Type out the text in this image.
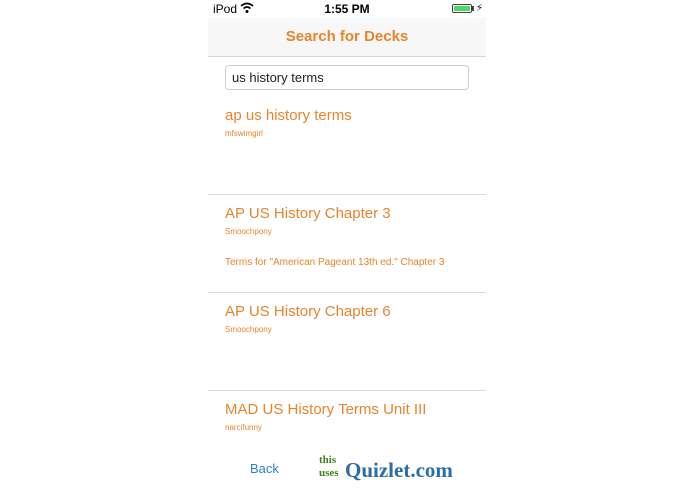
iPod	1:55 PM	⚡
Search for Decks
us history terms
ap us history terms
mfswimgirl
AP US History Chapter 3
Smoochpony
Terms for "American Pageant 13th ed." Chapter 3
AP US History Chapter 6
Smoochpony
MAD US History Terms Unit III
narcifunny
Back
this
uses Quizlet.com
